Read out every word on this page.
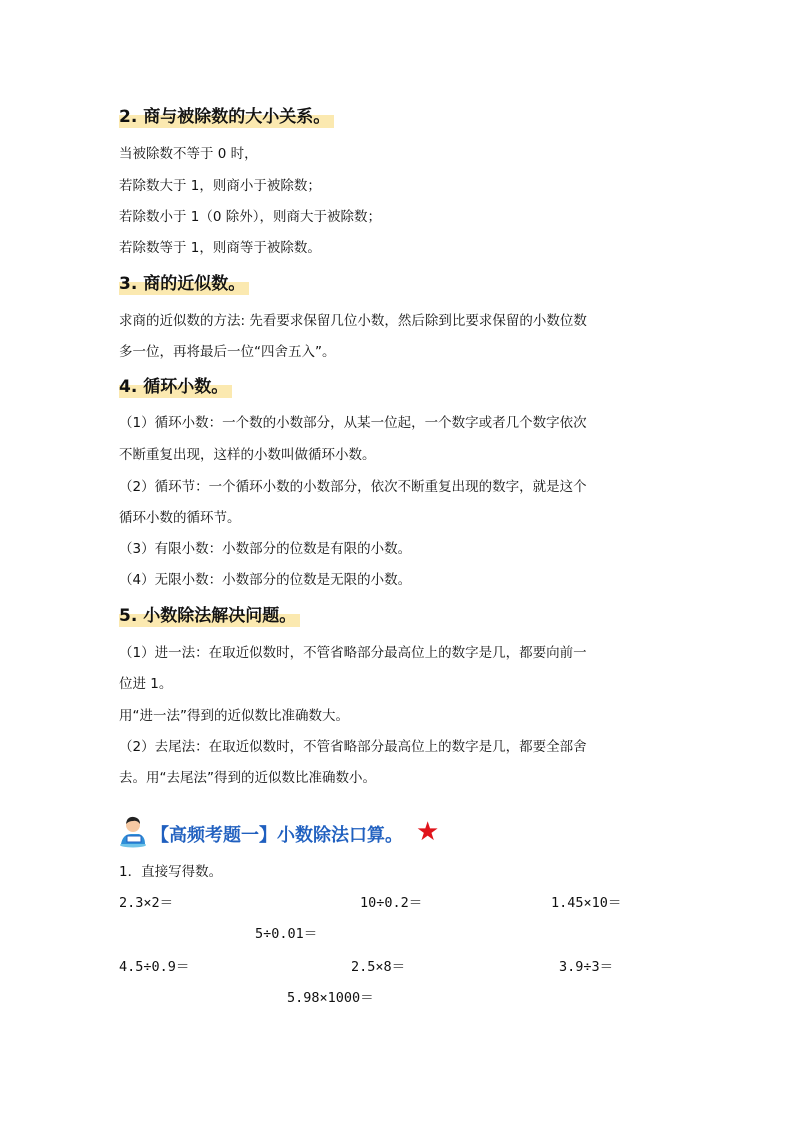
2. 商与被除数的大小关系。
当被除数不等于 0 时，
若除数大于 1，则商小于被除数；
若除数小于 1（0 除外），则商大于被除数；
若除数等于 1，则商等于被除数。
3. 商的近似数。
求商的近似数的方法: 先看要求保留几位小数，然后除到比要求保留的小数位数
多一位，再将最后一位“四舍五入”。
4. 循环小数。
（1）循环小数：一个数的小数部分，从某一位起，一个数字或者几个数字依次
不断重复出现，这样的小数叫做循环小数。
（2）循环节：一个循环小数的小数部分，依次不断重复出现的数字，就是这个
循环小数的循环节。
（3）有限小数：小数部分的位数是有限的小数。
（4）无限小数：小数部分的位数是无限的小数。
5. 小数除法解决问题。
（1）进一法：在取近似数时，不管省略部分最高位上的数字是几，都要向前一
位进 1。
用“进一法”得到的近似数比准确数大。
（2）去尾法：在取近似数时，不管省略部分最高位上的数字是几，都要全部舍
去。用“去尾法”得到的近似数比准确数小。
【高频考题一】小数除法口算。 ★
1．直接写得数。
2.3×2＝	10÷0.2＝	1.45×10＝
5÷0.01＝
4.5÷0.9＝	2.5×8＝	3.9÷3＝
5.98×1000＝
